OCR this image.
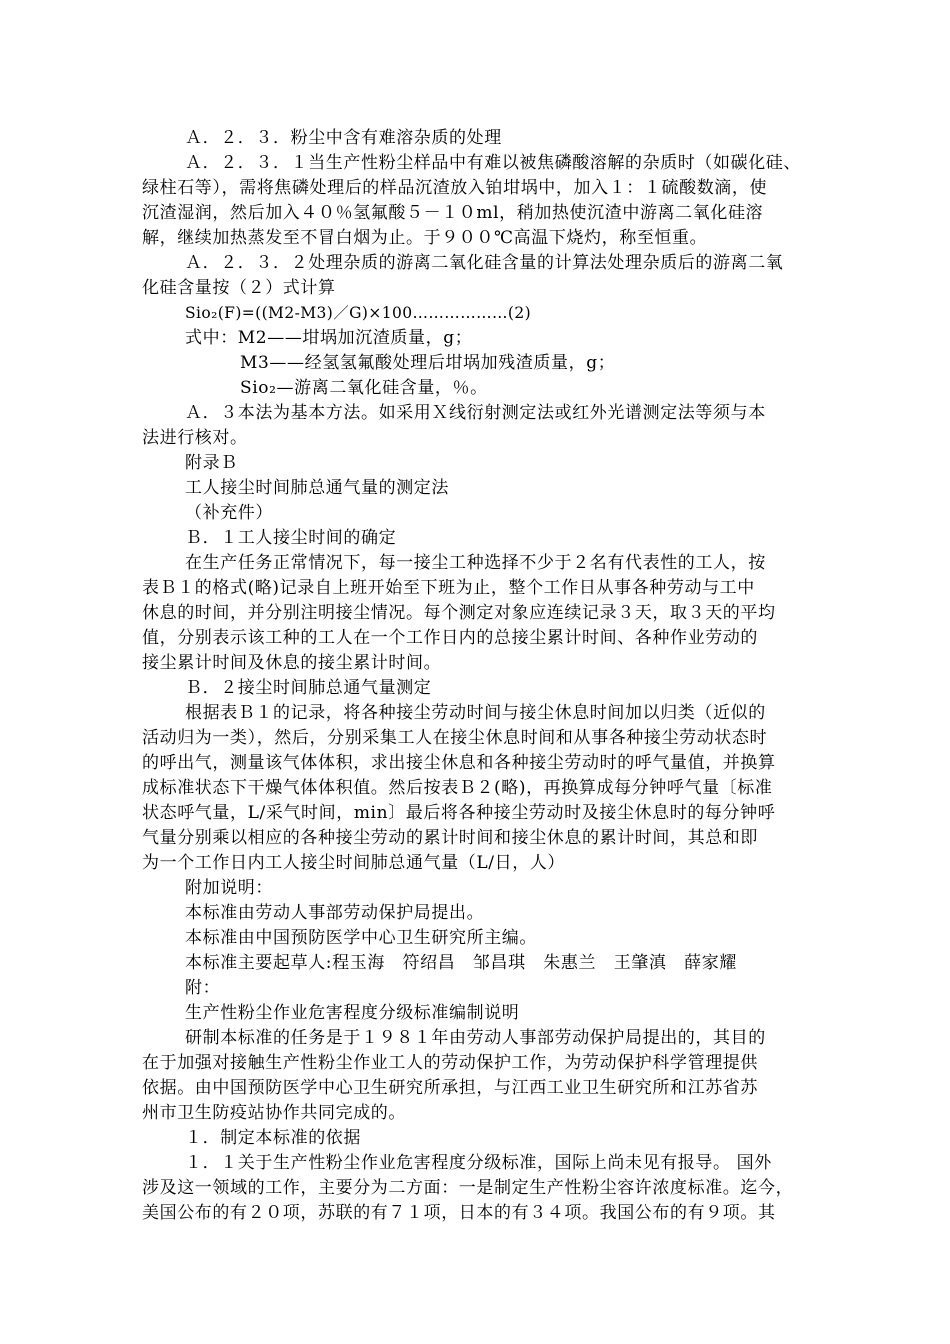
Ａ．２．３．粉尘中含有难溶杂质的处理
Ａ．２．３．１当生产性粉尘样品中有难以被焦磷酸溶解的杂质时（如碳化硅、
绿柱石等），需将焦磷处理后的样品沉渣放入铂坩埚中，加入１：１硫酸数滴，使
沉渣湿润，然后加入４０％氢氟酸５－１０ml，稍加热使沉渣中游离二氧化硅溶
解，继续加热蒸发至不冒白烟为止。于９００℃高温下烧灼，称至恒重。
Ａ．２．３．２处理杂质的游离二氧化硅含量的计算法处理杂质后的游离二氧
化硅含量按（２）式计算
Sio₂(F)=((M2-M3)／G)×100………………(2)
式中：M2——坩埚加沉渣质量，g；
M3——经氢氢氟酸处理后坩埚加残渣质量，g；
Sio₂—游离二氧化硅含量，％。
Ａ．３本法为基本方法。如采用Ｘ线衍射测定法或红外光谱测定法等须与本
法进行核对。
附录Ｂ
工人接尘时间肺总通气量的测定法
（补充件）
Ｂ．１工人接尘时间的确定
在生产任务正常情况下，每一接尘工种选择不少于２名有代表性的工人，按
表Ｂ１的格式(略)记录自上班开始至下班为止，整个工作日从事各种劳动与工中
休息的时间，并分别注明接尘情况。每个测定对象应连续记录３天，取３天的平均
值，分别表示该工种的工人在一个工作日内的总接尘累计时间、各种作业劳动的
接尘累计时间及休息的接尘累计时间。
Ｂ．２接尘时间肺总通气量测定
根据表Ｂ１的记录，将各种接尘劳动时间与接尘休息时间加以归类（近似的
活动归为一类），然后，分别采集工人在接尘休息时间和从事各种接尘劳动状态时
的呼出气，测量该气体体积，求出接尘休息和各种接尘劳动时的呼气量值，并换算
成标准状态下干燥气体体积值。然后按表Ｂ２(略)，再换算成每分钟呼气量〔标准
状态呼气量，L/采气时间，min〕最后将各种接尘劳动时及接尘休息时的每分钟呼
气量分别乘以相应的各种接尘劳动的累计时间和接尘休息的累计时间，其总和即
为一个工作日内工人接尘时间肺总通气量（L/日，人）
附加说明：
本标准由劳动人事部劳动保护局提出。
本标准由中国预防医学中心卫生研究所主编。
本标准主要起草人:程玉海　符绍昌　邹昌琪　朱惠兰　王肇滇　薛家耀
附：
生产性粉尘作业危害程度分级标准编制说明
研制本标准的任务是于１９８１年由劳动人事部劳动保护局提出的，其目的
在于加强对接触生产性粉尘作业工人的劳动保护工作，为劳动保护科学管理提供
依据。由中国预防医学中心卫生研究所承担，与江西工业卫生研究所和江苏省苏
州市卫生防疫站协作共同完成的。
１．制定本标准的依据
１．１关于生产性粉尘作业危害程度分级标准，国际上尚未见有报导。 国外
涉及这一领域的工作，主要分为二方面：一是制定生产性粉尘容许浓度标准。迄今，
美国公布的有２０项，苏联的有７１项，日本的有３４项。我国公布的有９项。其
